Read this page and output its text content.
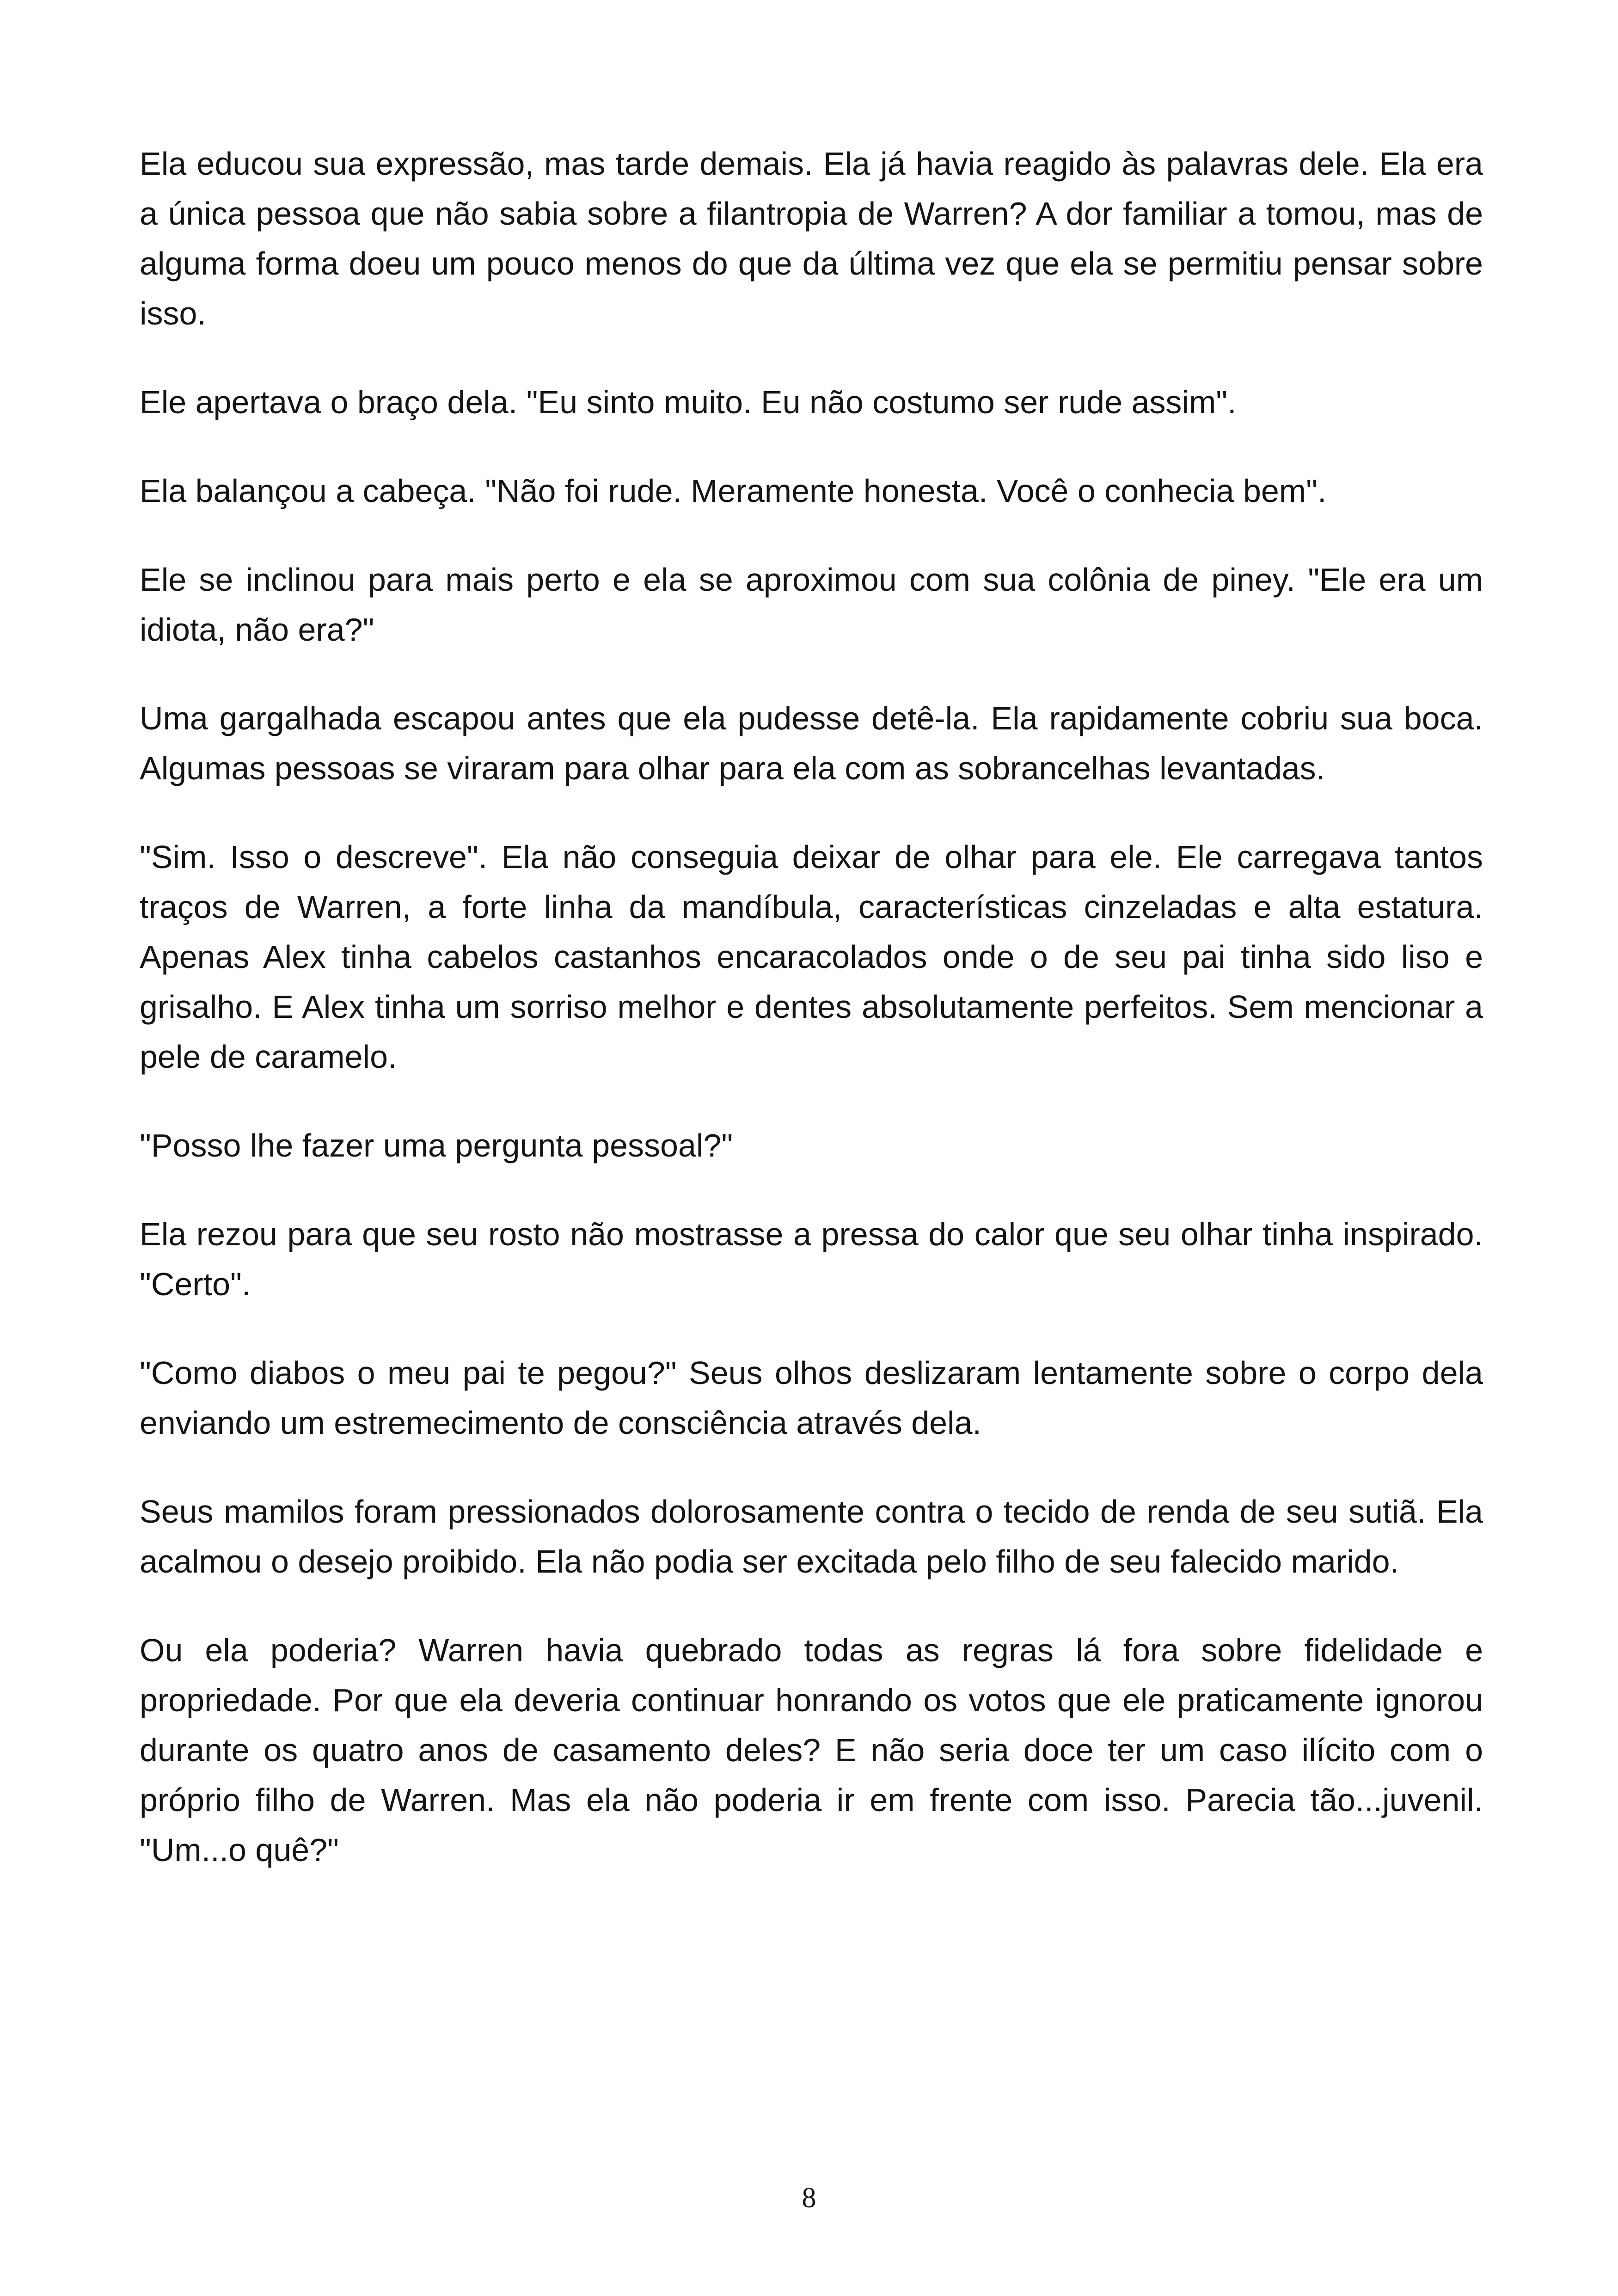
Ela educou sua expressão, mas tarde demais. Ela já havia reagido às palavras dele. Ela era a única pessoa que não sabia sobre a filantropia de Warren? A dor familiar a tomou, mas de alguma forma doeu um pouco menos do que da última vez que ela se permitiu pensar sobre isso.

Ele apertava o braço dela. "Eu sinto muito. Eu não costumo ser rude assim".

Ela balançou a cabeça. "Não foi rude. Meramente honesta. Você o conhecia bem".

Ele se inclinou para mais perto e ela se aproximou com sua colônia de piney. "Ele era um idiota, não era?"

Uma gargalhada escapou antes que ela pudesse detê-la. Ela rapidamente cobriu sua boca. Algumas pessoas se viraram para olhar para ela com as sobrancelhas levantadas.

"Sim. Isso o descreve". Ela não conseguia deixar de olhar para ele. Ele carregava tantos traços de Warren, a forte linha da mandíbula, características cinzeladas e alta estatura. Apenas Alex tinha cabelos castanhos encaracolados onde o de seu pai tinha sido liso e grisalho. E Alex tinha um sorriso melhor e dentes absolutamente perfeitos. Sem mencionar a pele de caramelo.

"Posso lhe fazer uma pergunta pessoal?"

Ela rezou para que seu rosto não mostrasse a pressa do calor que seu olhar tinha inspirado. "Certo".

"Como diabos o meu pai te pegou?" Seus olhos deslizaram lentamente sobre o corpo dela enviando um estremecimento de consciência através dela.

Seus mamilos foram pressionados dolorosamente contra o tecido de renda de seu sutiã. Ela acalmou o desejo proibido. Ela não podia ser excitada pelo filho de seu falecido marido.

Ou ela poderia? Warren havia quebrado todas as regras lá fora sobre fidelidade e propriedade. Por que ela deveria continuar honrando os votos que ele praticamente ignorou durante os quatro anos de casamento deles? E não seria doce ter um caso ilícito com o próprio filho de Warren. Mas ela não poderia ir em frente com isso. Parecia tão...juvenil. "Um...o quê?"

8
